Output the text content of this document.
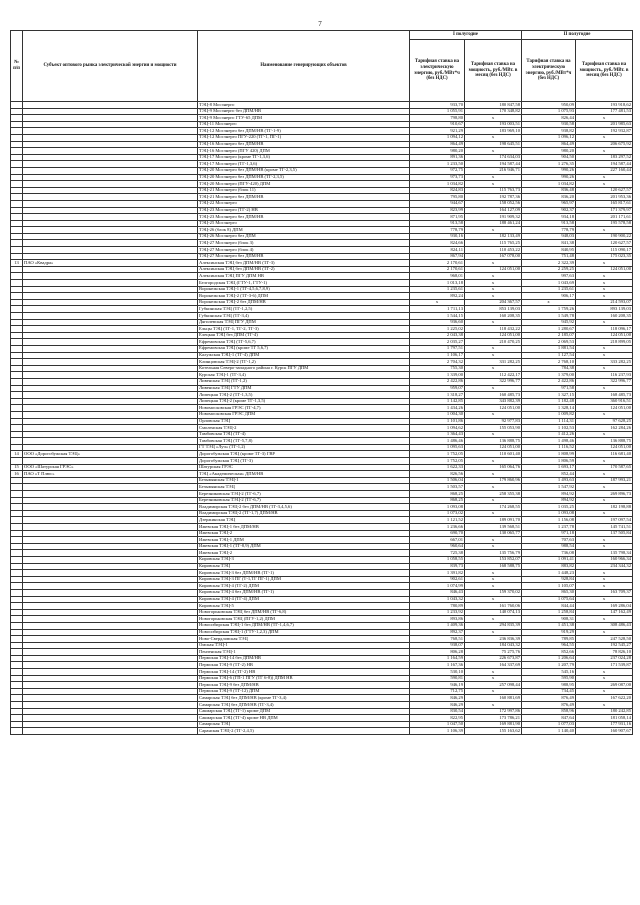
7
№ п/п	Субъект оптового рынка электрической энергии и мощности	Наименование генерирующих объектов	I полугодие		II полугодие	
			Тарифная ставка на электрическую энергию, руб./МВт*ч (без НДС)	Тарифная ставка на мощность, руб./МВт. в месяц (без НДС)	Тарифная ставка на электрическую энергию, руб./МВт*ч (без НДС)	Тарифная ставка на мощность, руб./МВт. в месяц (без НДС)
		ТЭЦ-8 Мосэнерго	933,70	180 847,58	950,09	193 918,62
		ТЭЦ-9 Мосэнерго без ДПМ/НВ	1 055,91	170 348,82	1 075,93	177 481,53
		ТЭЦ-9 Мосэнерго ГТУ-65 ДПМ	798,80	x	826,44	x
		ТЭЦ-11 Мосэнерго	910,67	193 003,51	930,58	201 985,63
		ТЭЦ-12 Мосэнерго без ДПМ/НВ (ТГ-1-9)	921,29	183 969,10	938,82	192 932,87
		ТЭЦ-12 Мосэнерго ПГУ-220 (ТГ-1, ПГ-1)	1 094,12	x	1 096,12	x
		ТЭЦ-16 Мосэнерго без ДПМ/НВ	864,49	198 645,51	864,49	206 675,92
		ТЭЦ-16 Мосэнерго (ПГУ 420) ДПМ	980,20	x	980,20	x
		ТЭЦ-17 Мосэнерго (кроме ТГ-1,3,6)	891,36	174 634,03	904,50	183 297,52
		ТЭЦ-17 Мосэнерго (ТГ-1,3,6)	1 233,50	194 587,44	1 276,35	194 587,44
		ТЭЦ-20 Мосэнерго без ДПМ/НВ (кроме ТГ-2,3,5)	972,75	216 946,71	990,26	227 160,44
		ТЭЦ-20 Мосэнерго без ДПМ/НВ (ТГ-2,3,5)	973,73	x	990,26	x
		ТЭЦ-20 Мосэнерго (ПГУ-420) ДПМ	1 034,82	x	1 034,82	x
		ТЭЦ-21 Мосэнерго (блок 11)	824,83	115 763,73	836,48	120 627,57
		ТЭЦ-21 Мосэнерго без ДПМ/НВ	795,80	192 787,36	836,20	201 953,36
		ТЭЦ-22 Мосэнерго	944,67	158 052,56	965,97	165 817,61
		ТЭЦ-23 Мосэнерго (ТГ-2) НВ	823,99	164 127,09	902,37	171 379,97
		ТЭЦ-23 Мосэнерго без ДПМ/НВ	871,95	191 909,32	934,18	201 171,61
		ТЭЦ-25 Мосэнерго	913,58	188 461,24	913,58	195 578,58
		ТЭЦ-26 (блок 8) ДПМ	778,79	x	778,79	x
		ТЭЦ-26 Мосэнерго без ДПМ	930,16	182 133,49	948,03	190 900,22
		ТЭЦ-27 Мосэнерго (блок 3)	824,66	115 765,25	841,38	120 627,57
		ТЭЦ-27 Мосэнерго (блок 4)	824,11	110 453,22	840,95	115 090,17
		ТЭЦ-27 Мосэнерго без ДПМ/НВ	867,94	167 078,00	751,48	175 023,35
13	ПАО «Квадра»	Алексинская ТЭЦ без ДПМ/НВ (ТГ-3)	2 170,61	x	2 322,39	x
		Алексинская ТЭЦ без ДПМ/НВ (ТГ-2)	2 170,61	124 051,00	2 259,25	124 051,00
		Алексинская ТЭЦ ПГУ ДПМ НВ	968,01	x	997,63	x
		Белгородская ТЭЦ (ГТУ-1, ГТУ-1)	1 013,18	x	1 043,69	x
		Воронежская ТЭЦ-1 (ТГ-4,5,6,7,8,9)	1 235,61	x	1 235,61	x
		Воронежская ТЭЦ-2 (ТГ-3-6) ДПМ	892,24	x	906,17	x
		Воронежская ТЭЦ-2 без ДПМ/НВ	x	204 367,57	x	214 593,07
		Губкинская ТЭЦ (ТГ-1,2,5)	1 711,13	853 139,03	1 759,26	893 139,03
		Губкинская ТЭЦ (ТГ-3,4)	1 544,15	160 208,35	1 549,78	160 208,35
		Дягилевская ТЭЦ ПГУ ДПМ	936,60	x	945,92	x
		Ельцы ТЭЦ (ТГ-1, ТГ-2, ТГ-3)	1 225,02	118 432,22	1 280,67	118 096,17
		Елецкая ТЭЦ без ДПМ (ТГ-4)	2 043,38	124 051,00	2 185,07	124 051,00
		Ефремовская ТЭЦ (ТГ-5,6,7)	2 035,27	210 470,25	2 069,53	218 899,05
		Ефремовская ТЭЦ (кроме ТГ 5,6,7)	1 797,51	x	1 881,54	x
		Калужская ТЭЦ-1 (ТГ-4) ДПМ	1 106,17	x	1 127,54	x
		Клинцовская ТЭЦ-2 (ТГ-1,2)	2 704,32	331 282,25	2 768,10	333 282,25
		Котельная Северо-западного района г. Курск ПГУ ДПМ	755,30	x	784,38	x
		Курская ТЭЦ-1 (ТГ-3,4)	1 339,00	112 422,17	1 379,00	116 237,93
		Ливенская ТЭЦ (ТГ-1,2)	2 422,86	322 996,77	2 422,86	322 996,77
		Ливенская ТЭЦ ГТУ ДПМ	959,07	x	971,58	x
		Липецкая ТЭЦ-2 (ТГ-1,3,5)	1 318,27	160 485,73	1 327,15	168 485,73
		Липецкая ТЭЦ-2 (кроме ТГ-1,3,5)	1 142,85	343 882,39	1 182,48	360 916,51
		Новомосковская ГРЭС (ТГ-4,7)	1 434,26	124 051,00	1 328,14	124 051,00
		Новомосковская ГРЭС ДПМ	1 004,30	x	1 009,82	x
		Орловская ТЭЦ	1 101,86	92 977,83	1 114,31	97 628,25
		Смоленская ТЭЦ-2	1 094,62	155 053,90	1 102,53	162 284,26
		Тамбовская ТЭЦ (ТГ-4)	1 364,43	x	1 412,26	x
		Тамбовская ТЭЦ (ТГ-5,7,8)	1 486,46	136 888,75	1 498,46	136 888,75
		ГТ ТЭЦ «Луч» (ТГ-1,2)	1 095,63	124 051,00	1 116,52	124 051,00
14	ООО «Дорогобужская ТЭЦ»	Дорогобужская ТЭЦ (кроме ТГ-3) ГВР	1 752,05	110 601,40	1 808,99	116 681,40
		Дорогобужская ТЭЦ (ТГ-3)	1 752,05	x	1 806,59	x
15	ООО «Шатурская ГРЭС»	Шатурская ГРЭС	1 622,33	165 064,76	1 693,17	170 587,65
16	ПАО «Т Плюс»	ТЭЦ «Академическая» ДПМ/НВ	826,56	x	852,44	x
		Безымянская ТЭЦ-1	1 506,04	179 860,96	1 493,63	187 993,21
		Безымянская ТЭЦ	1 503,57	x	1 547,92	x
		Березниковская ТЭЦ-2 (ТГ-6,7)	868,25	258 355,38	894,92	269 896,73
		Березниковская ТЭЦ-2 (ТГ-6,7)	868,25	x	894,92	x
		Владимирская ТЭЦ-2 без ДПМ/НВ (ТГ-3,4,5,6)	1 093,08	174 268,55	1 035,25	182 198,88
		Владимирская ТЭЦ-2 (ТГ-1,7) ДПМ/НВ	1 073,02	x	1 093,08	x
		Дзержинская ТЭЦ	1 121,52	189 091,70	1 156,08	197 097,54
		Ижевская ТЭЦ-1 без ДПМ/НВ	1 236,66	139 568,51	1 237,78	145 741,51
		Ижевская ТЭЦ-2	690,70	130 065,77	971,18	137 505,84
		Ижевская ТЭЦ-1 ДПМ	667,01	x	707,63	x
		Ижевская ТЭЦ-1 (ТГ-8,9) ДПМ	960,64	x	988,54	x
		Ижевская ТЭЦ-2	725,38	135 756,79	736,08	135 798,34
		Кировская ТЭЦ-3	1 058,55	153 852,07	1 091,41	160 966,34
		Кировская ТЭЦ	839,73	168 588,75	883,82	234 344,32
		Кировская ТЭЦ-3 без ДПМ/НВ (ТГ-1)	1 391,82	x	1 448,23	x
		Кировская ТЭЦ-3 ПГ (Т-1,ТГ ПГ-1) ДПМ	902,61	x	928,84	x
		Кировская ТЭЦ-4 (ТГ-2) ДПМ	1 074,99	x	1 105,07	x
		Кировская ТЭЦ-4 без ДПМ/НВ (ТГ-1)	846,43	159 370,02	865,30	163 709,37
		Кировская ТЭЦ-4 (ТГ-4) ДПМ	1 043,32	x	1 075,64	x
		Кировская ТЭЦ-5	780,89	161 760,06	844,44	169 286,04
		Новогорьковская ТЭЦ без ДПМ/НВ (ТГ-6,8)	1 233,92	140 074,13	1 258,84	147 162,49
		Новогорьковская ТЭЦ (ПГУ-1,2) ДПМ	893,86	x	908,31	x
		Новосибирская ТЭЦ-1 без ДПМ/НВ (ТГ-1,4,6,7)	1 409,36	294 835,39	1 451,38	308 486,43
		Новосибирская ТЭЦ-1 (ГТУ-1,2,3) ДПМ	892,37	x	919,29	x
		Ново-Свердловская ТЭЦ	768,51	236 836,39	789,85	247 528,50
		Омская ТЭЦ-1	938,07	184 043,32	964,55	192 545,27
		Пензенская ТЭЦ-1	806,28	75 275,76	852,66	78 826,10
		Пермская ТЭЦ-14 без ДПМ/НВ	1 164,59	226 673,87	1 206,64	237 024,28
		Пермская ТЭЦ-9 (ТГ-2) НВ	1 167,36	164 337,69	1 207,79	171 539,87
		Пермская ТЭЦ-14 (ТГ-2) НВ	530,10	x	545,16	x
		Пермская ТЭЦ-6 (ГП-1 ПГУ (ТГ 6-8)) ДПМ НВ	590,81	x	595,90	x
		Пермская ТЭЦ-9 без ДПМ/НВ	946,19	257 098,44	988,95	269 087,00
		Пермская ТЭЦ-9 (ТГ-12) ДПМ	712,75	x	734,45	x
		Самарская ТЭЦ без ДПМ/НВ (кроме ТГ-3,4)	846,29	160 881,69	876,49	167 622,20
		Самарская ТЭЦ без ДПМ/НВ (ТГ-3,4)	846,29	x	876,49	x
		Сакмарская ТЭЦ (ТГ-1) кроме ДПМ	830,54	172 997,86	858,96	180 242,85
		Сакмарская ТЭЦ (ТГ-4) кроме НВ ДПМ	822,95	173 786,21	847,64	181 058,14
		Самарская ТЭЦ	1 047,50	169 881,90	1 077,03	177 931,16
		Саранская ТЭЦ-2 (ТГ-2,4,5)	1 106,39	155 163,62	1 140,40	160 907,67
